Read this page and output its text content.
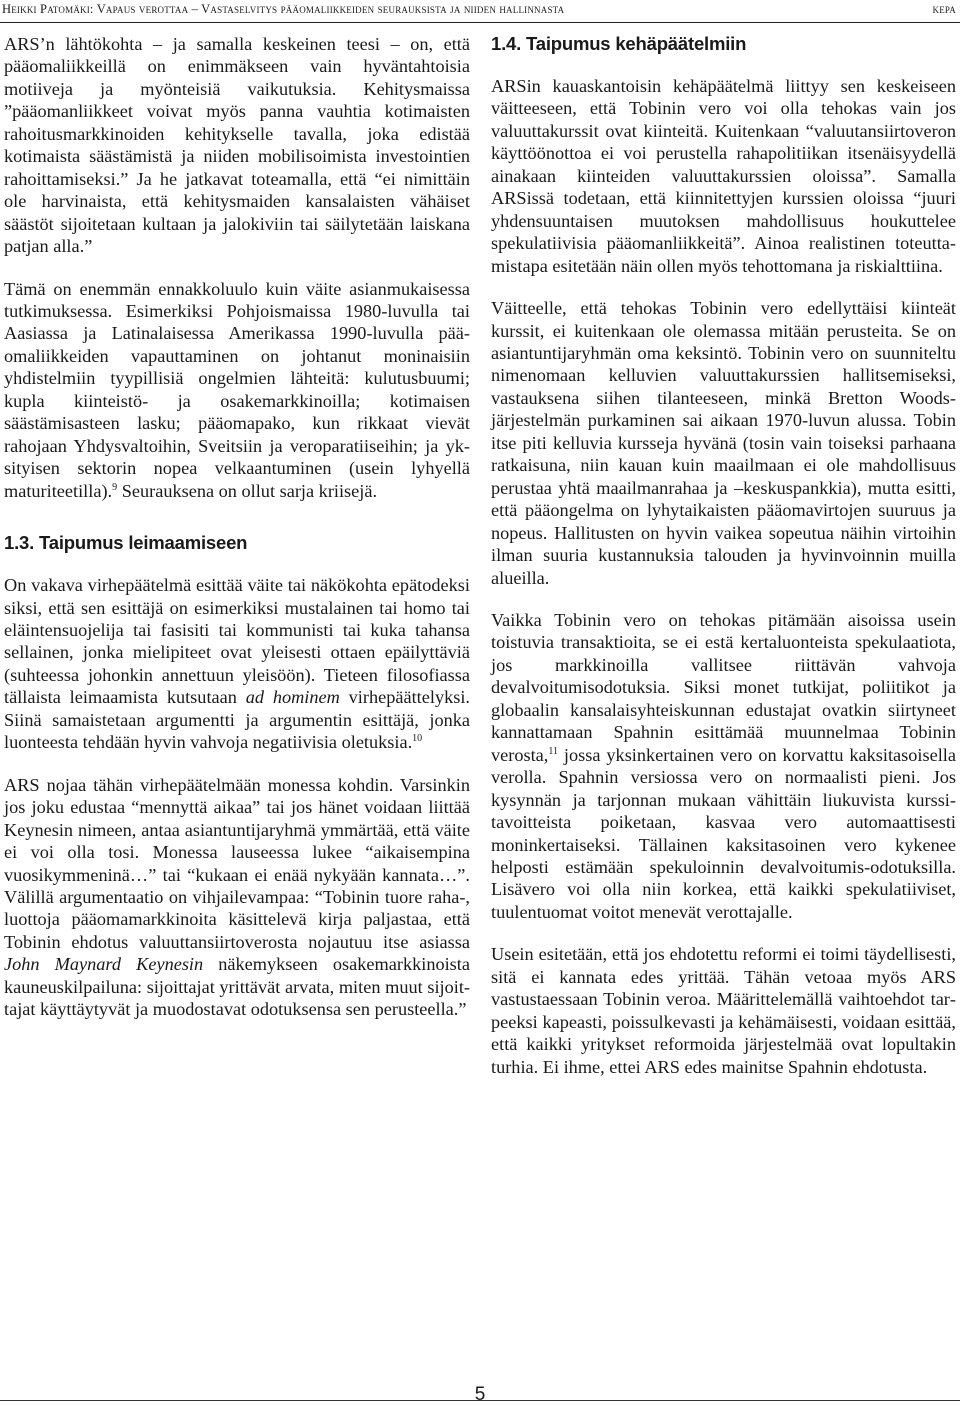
Heikki Patomäki: Vapaus verottaa – Vastaselvitys pääomaliikkeiden seurauksista ja niiden hallinnasta	kepa

ARS’n lähtökohta – ja samalla keskeinen teesi – on, että pääomaliikkeillä on enimmäkseen vain hyväntahtoisia motiiveja ja myönteisiä vaikutuksia. Kehitysmaissa ”pääomanliikkeet voivat myös panna vauhtia kotimaisten rahoitusmarkkinoiden kehitykselle tavalla, joka edistää kotimaista säästämistä ja niiden mobilisoimista investointien rahoittamiseksi.” Ja he jatkavat toteamalla, että “ei nimittäin ole harvinaista, että kehitysmaiden kansalaisten vähäiset säästöt sijoitetaan kultaan ja jalokiviin tai säilytetään laiskana patjan alla.”

Tämä on enemmän ennakkoluulo kuin väite asianmukaisessa tutkimuksessa. Esimerkiksi Pohjoismaissa 1980-luvulla tai Aasiassa ja Latinalaisessa Amerikassa 1990-luvulla pääomaliikkeiden vapauttaminen on johtanut moninaisiin yhdistelmiin tyypillisiä ongelmien lähteitä: kulutusbuumi; kupla kiinteistö- ja osakemarkkinoilla; kotimaisen säästämisasteen lasku; pääomapako, kun rikkaat vievät rahojaan Yhdysvaltoihin, Sveitsiin ja veroparatiiseihin; ja yksityisen sektorin nopea velkaantuminen (usein lyhyellä maturiteetilla).$^9$ Seurauksena on ollut sarja kriisejä.

1.3. Taipumus leimaamiseen

On vakava virhepäätelmä esittää väite tai näkökohta epätodeksi siksi, että sen esittäjä on esimerkiksi mustalainen tai homo tai eläintensuojelija tai fasisiti tai kommunisti tai kuka tahansa sellainen, jonka mielipiteet ovat yleisesti ottaen epäilyttäviä (suhteessa johonkin annettuun yleisöön). Tieteen filosofiassa tällaista leimaamista kutsutaan ad hominem virhepäättelyksi. Siinä samaistetaan argumentti ja argumentin esittäjä, jonka luonteesta tehdään hyvin vahvoja negatiivisia oletuksia.$^{10}$

ARS nojaa tähän virhepäätelmään monessa kohdin. Varsinkin jos joku edustaa “mennyttä aikaa” tai jos hänet voidaan liittää Keynesin nimeen, antaa asiantuntijaryhmä ymmärtää, että väite ei voi olla tosi. Monessa lauseessa lukee “aikaisempina vuosikymmeninä…” tai “kukaan ei enää nykyään kannata…”. Välillä argumentaatio on vihjailevampaa: “Tobinin tuore raha-, luottoja pääomamarkkinoita käsittelevä kirja paljastaa, että Tobinin ehdotus valuuttansiirtoverosta nojautuu itse asiassa John Maynard Keynesin näkemykseen osakemarkkinoista kauneuskilpailuna: sijoittajat yrittävät arvata, miten muut sijoittajat käyttäytyvät ja muodostavat odotuksensa sen perusteella.”

1.4. Taipumus kehäpäätelmiin

ARSin kauaskantoisin kehäpäätelmä liittyy sen keskeiseen väitteeseen, että Tobinin vero voi olla tehokas vain jos valuuttakurssit ovat kiinteitä. Kuitenkaan “valuutansiirtoveron käyttöönottoa ei voi perustella rahapolitiikan itsenäisyydellä ainakaan kiinteiden valuuttakurssien oloissa”. Samalla ARSissä todetaan, että kiinnitettyjen kurssien oloissa “juuri yhdensuuntaisen muutoksen mahdollisuus houkuttelee spekulatiivisia pääomanliikkeitä”. Ainoa realistinen toteuttamistapa esitetään näin ollen myös tehottomana ja riskialttiina.

Väitteelle, että tehokas Tobinin vero edellyttäisi kiinteät kurssit, ei kuitenkaan ole olemassa mitään perusteita. Se on asiantuntijaryhmän oma keksintö. Tobinin vero on suunniteltu nimenomaan kelluvien valuuttakurssien hallitsemiseksi, vastauksena siihen tilanteeseen, minkä Bretton Woods-järjestelmän purkaminen sai aikaan 1970-luvun alussa. Tobin itse piti kelluvia kursseja hyvänä (tosin vain toiseksi parhaana ratkaisuna, niin kauan kuin maailmaan ei ole mahdollisuus perustaa yhtä maailmanrahaa ja –keskuspankkia), mutta esitti, että pääongelma on lyhytaikaisten pääomavirtojen suuruus ja nopeus. Hallitusten on hyvin vaikea sopeutua näihin virtoihin ilman suuria kustannuksia talouden ja hyvinvoinnin muilla alueilla.

Vaikka Tobinin vero on tehokas pitämään aisoissa usein toistuvia transaktioita, se ei estä kertaluonteista spekulaatiota, jos markkinoilla vallitsee riittävän vahvoja devalvoitumisodotuksia. Siksi monet tutkijat, poliitikot ja globaalin kansalaisyhteiskunnan edustajat ovatkin siirtyneet kannattamaan Spahnin esittämää muunnelmaa Tobinin verosta,$^{11}$ jossa yksinkertainen vero on korvattu kaksitasoisella verolla. Spahnin versiossa vero on normaalisti pieni. Jos kysynnän ja tarjonnan mukaan vähittäin liukuvista kurssitavoitteista poiketaan, kasvaa vero automaattisesti moninkertaiseksi. Tällainen kaksitasoinen vero kykenee helposti estämään spekuloinnin devalvoitumis-odotuksilla. Lisävero voi olla niin korkea, että kaikki spekulatiiviset, tuulentuomat voitot menevät verottajalle.

Usein esitetään, että jos ehdotettu reformi ei toimi täydellisesti, sitä ei kannata edes yrittää. Tähän vetoaa myös ARS vastustaessaan Tobinin veroa. Määrittelemällä vaihtoehdot tarpeeksi kapeasti, poissulkevasti ja kehämäisesti, voidaan esittää, että kaikki yritykset reformoida järjestelmää ovat lopultakin turhia. Ei ihme, ettei ARS edes mainitse Spahnin ehdotusta.

5
